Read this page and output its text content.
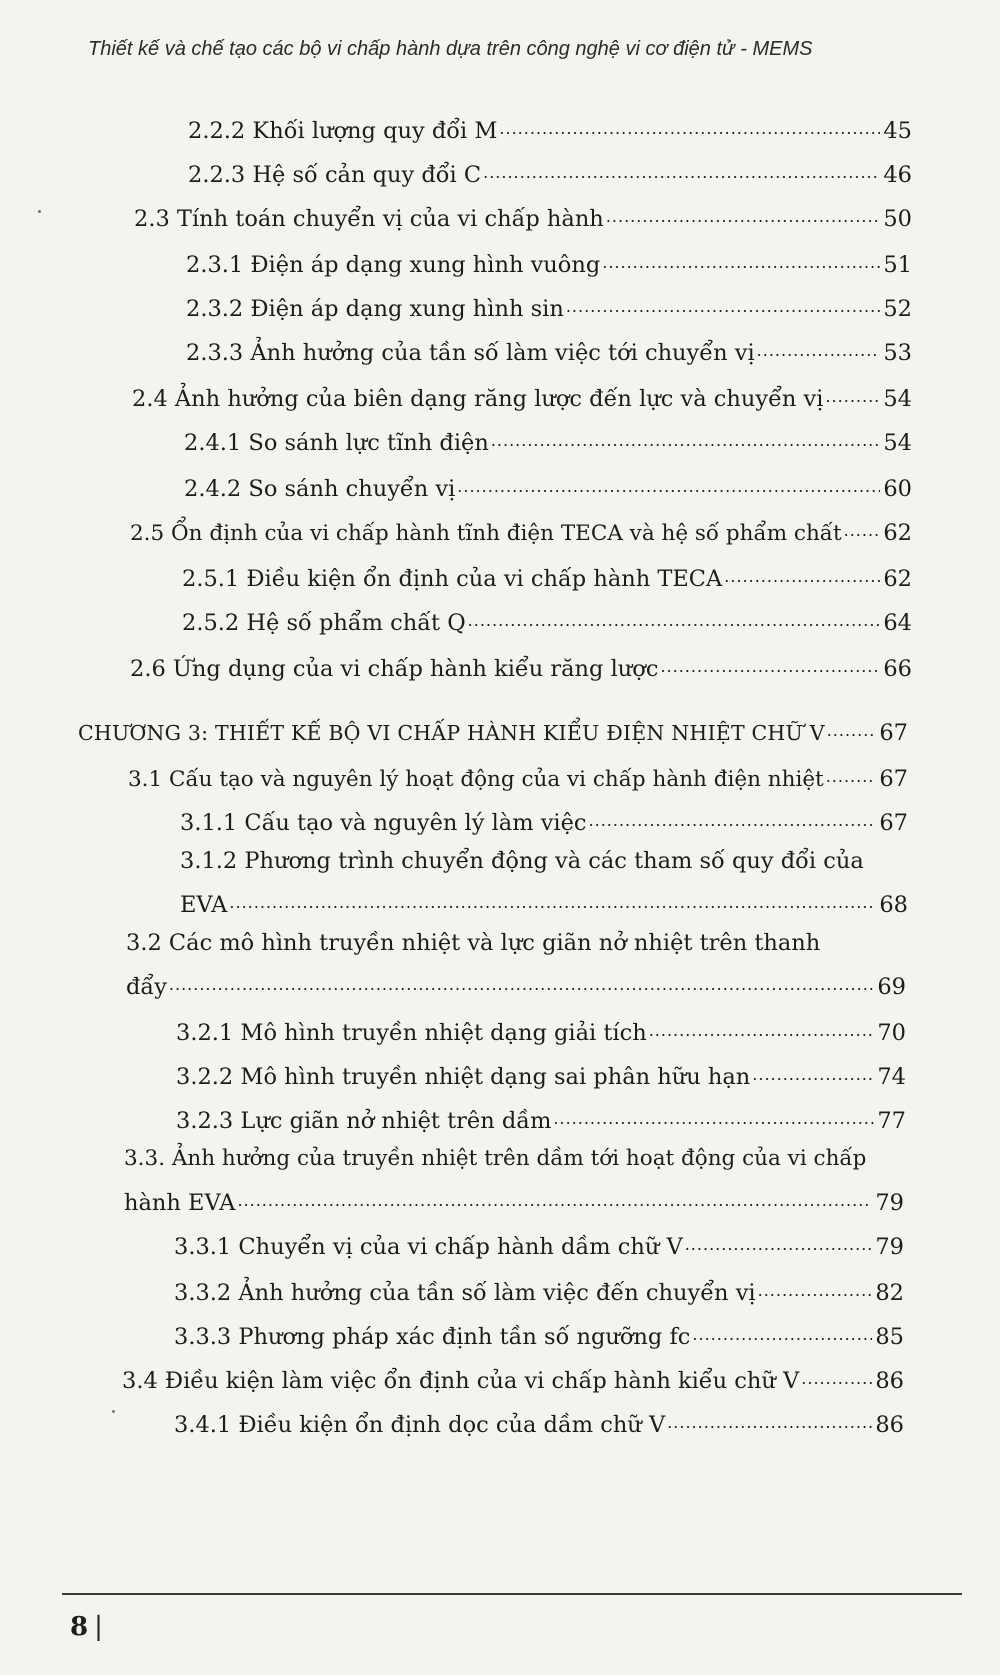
Thiết kế và chế tạo các bộ vi chấp hành dựa trên công nghệ vi cơ điện tử - MEMS
2.2.2 Khối lượng quy đổi M .....	45
2.2.3 Hệ số cản quy đổi C .....	46
2.3 Tính toán chuyển vị của vi chấp hành .....	50
2.3.1 Điện áp dạng xung hình vuông .....	51
2.3.2 Điện áp dạng xung hình sin .....	52
2.3.3 Ảnh hưởng của tần số làm việc tới chuyển vị .....	53
2.4 Ảnh hưởng của biên dạng răng lược đến lực và chuyển vị .....	54
2.4.1 So sánh lực tĩnh điện .....	54
2.4.2 So sánh chuyển vị .....	60
2.5 Ổn định của vi chấp hành tĩnh điện TECA và hệ số phẩm chất ..... 62
2.5.1 Điều kiện ổn định của vi chấp hành TECA .....	62
2.5.2 Hệ số phẩm chất Q .....	64
2.6 Ứng dụng của vi chấp hành kiểu răng lược .....	66
CHƯƠNG 3: THIẾT KẾ BỘ VI CHẤP HÀNH KIỂU ĐIỆN NHIỆT CHỮ V ..... 67
3.1 Cấu tạo và nguyên lý hoạt động của vi chấp hành điện nhiệt ..... 67
3.1.1 Cấu tạo và nguyên lý làm việc .....	67
3.1.2 Phương trình chuyển động và các tham số quy đổi của
EVA .....	68
3.2 Các mô hình truyền nhiệt và lực giãn nở nhiệt trên thanh
đẩy .....	69
3.2.1 Mô hình truyền nhiệt dạng giải tích .....	70
3.2.2 Mô hình truyền nhiệt dạng sai phân hữu hạn .....	74
3.2.3 Lực giãn nở nhiệt trên dầm .....	77
3.3. Ảnh hưởng của truyền nhiệt trên dầm tới hoạt động của vi chấp
hành EVA .....	79
3.3.1 Chuyển vị của vi chấp hành dầm chữ V .....	79
3.3.2 Ảnh hưởng của tần số làm việc đến chuyển vị .....	82
3.3.3 Phương pháp xác định tần số ngưỡng fc .....	85
3.4 Điều kiện làm việc ổn định của vi chấp hành kiểu chữ V .....	86
3.4.1 Điều kiện ổn định dọc của dầm chữ V .....	86
8 |
